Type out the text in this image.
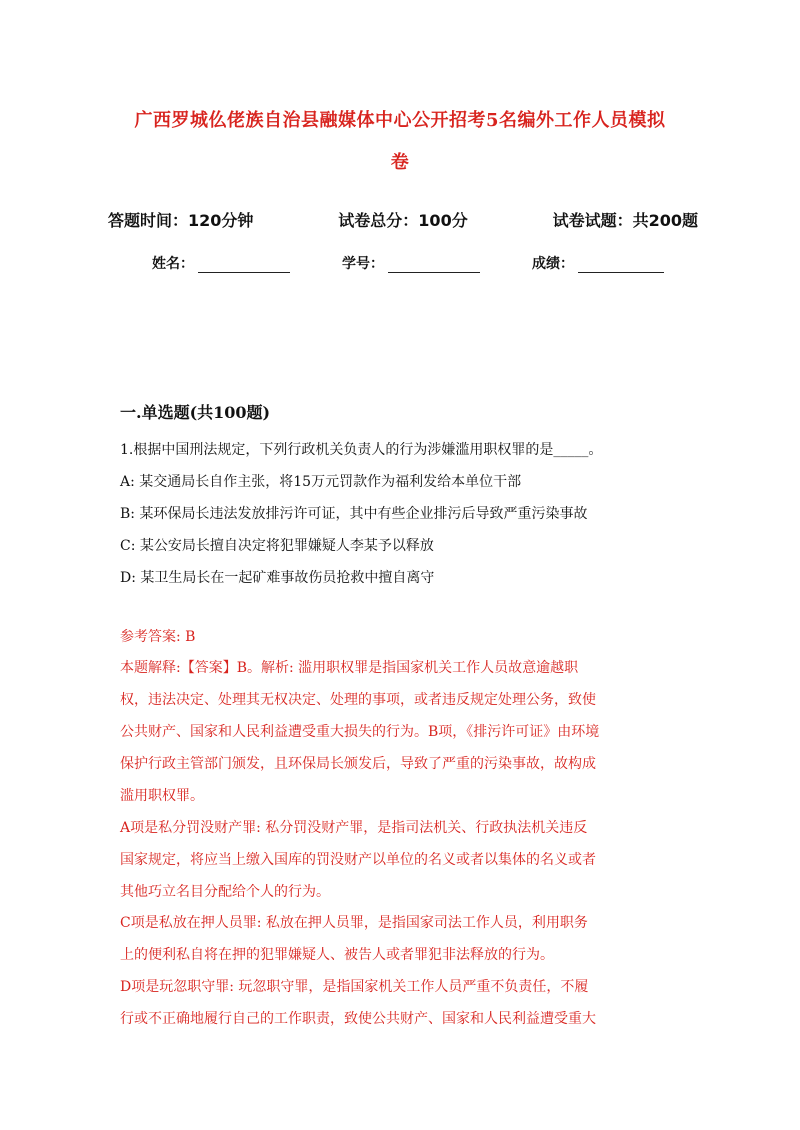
广西罗城仫佬族自治县融媒体中心公开招考5名编外工作人员模拟
卷
答题时间：120分钟	试卷总分：100分	试卷试题：共200题
姓名：	学号：	成绩：
一.单选题(共100题)
1.根据中国刑法规定，下列行政机关负责人的行为涉嫌滥用职权罪的是_____。
A: 某交通局长自作主张，将15万元罚款作为福利发给本单位干部
B: 某环保局长违法发放排污许可证，其中有些企业排污后导致严重污染事故
C: 某公安局长擅自决定将犯罪嫌疑人李某予以释放
D: 某卫生局长在一起矿难事故伤员抢救中擅自离守
参考答案: B
本题解释:【答案】B。解析: 滥用职权罪是指国家机关工作人员故意逾越职
权，违法决定、处理其无权决定、处理的事项，或者违反规定处理公务，致使
公共财产、国家和人民利益遭受重大损失的行为。B项，《排污许可证》由环境
保护行政主管部门颁发，且环保局长颁发后，导致了严重的污染事故，故构成
滥用职权罪。
A项是私分罚没财产罪: 私分罚没财产罪，是指司法机关、行政执法机关违反
国家规定，将应当上缴入国库的罚没财产以单位的名义或者以集体的名义或者
其他巧立名目分配给个人的行为。
C项是私放在押人员罪: 私放在押人员罪，是指国家司法工作人员，利用职务
上的便利私自将在押的犯罪嫌疑人、被告人或者罪犯非法释放的行为。
D项是玩忽职守罪: 玩忽职守罪，是指国家机关工作人员严重不负责任，不履
行或不正确地履行自己的工作职责，致使公共财产、国家和人民利益遭受重大
